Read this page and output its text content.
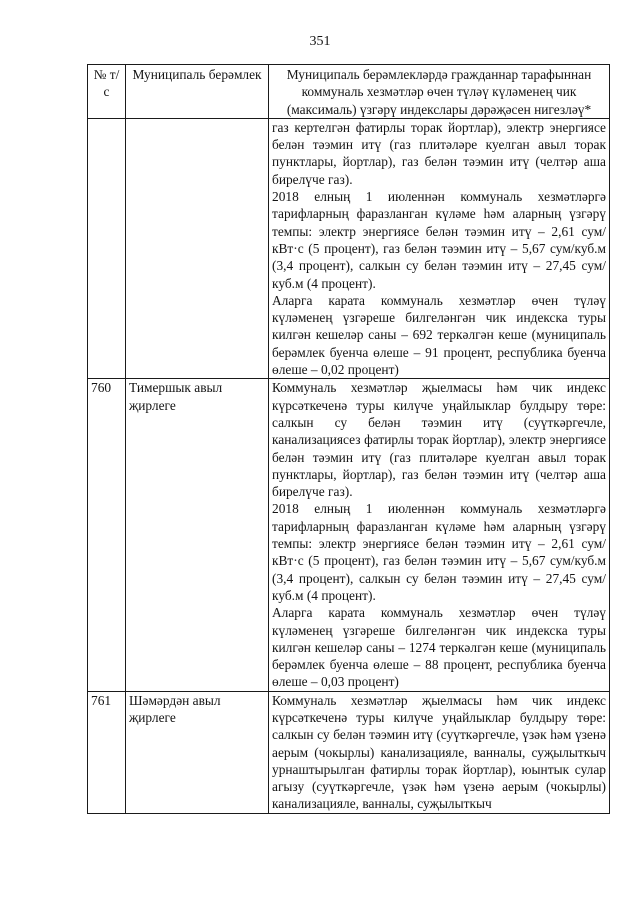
351
№ т/с	Муниципаль берәмлек	Муниципаль берәмлекләрдә гражданнар тарафыннан коммуналь хезмәтләр өчен түләү күләменең чик (максималь) үзгәрү индекслары дәрәҗәсен нигезләү*

		газ кертелгән фатирлы торак йортлар), электр энергиясе белән тәэмин итү (газ плитәләре куелган авыл торак пунктлары, йортлар), газ белән тәэмин итү (челтәр аша бирелүче газ).
2018 елның 1 июленнән коммуналь хезмәтләргә тарифларның фаразланган күләме һәм аларның үзгәрү темпы: электр энергиясе белән тәэмин итү – 2,61 сум/кВт·с (5 процент), газ белән тәэмин итү – 5,67 сум/куб.м (3,4 процент), салкын су белән тәэмин итү – 27,45 сум/куб.м (4 процент).
Аларга карата коммуналь хезмәтләр өчен түләү күләменең үзгәреше билгеләнгән чик индекска туры килгән кешеләр саны – 692 теркәлгән кеше (муниципаль берәмлек буенча өлеше – 91 процент, республика буенча өлеше – 0,02 процент)

760	Тимершык авыл җирлеге	Коммуналь хезмәтләр җыелмасы һәм чик индекс күрсәткеченә туры килүче уңайлыклар булдыру төре: салкын су белән тәэмин итү (суүткәргечле, канализациясез фатирлы торак йортлар), электр энергиясе белән тәэмин итү (газ плитәләре куелган авыл торак пунктлары, йортлар), газ белән тәэмин итү (челтәр аша бирелүче газ).
2018 елның 1 июленнән коммуналь хезмәтләргә тарифларның фаразланган күләме һәм аларның үзгәрү темпы: электр энергиясе белән тәэмин итү – 2,61 сум/кВт·с (5 процент), газ белән тәэмин итү – 5,67 сум/куб.м (3,4 процент), салкын су белән тәэмин итү – 27,45 сум/куб.м (4 процент).
Аларга карата коммуналь хезмәтләр өчен түләү күләменең үзгәреше билгеләнгән чик индекска туры килгән кешеләр саны – 1274 теркәлгән кеше (муниципаль берәмлек буенча өлеше – 88 процент, республика буенча өлеше – 0,03 процент)

761	Шәмәрдән авыл җирлеге	Коммуналь хезмәтләр җыелмасы һәм чик индекс күрсәткеченә туры килүче уңайлыклар булдыру төре: салкын су белән тәэмин итү (суүткәргечле, үзәк һәм үзенә аерым (чокырлы) канализацияле, ванналы, суҗылыткыч урнаштырылган фатирлы торак йортлар), юынтык сулар агызу (суүткәргечле, үзәк һәм үзенә аерым (чокырлы) канализацияле, ванналы, суҗылыткыч
